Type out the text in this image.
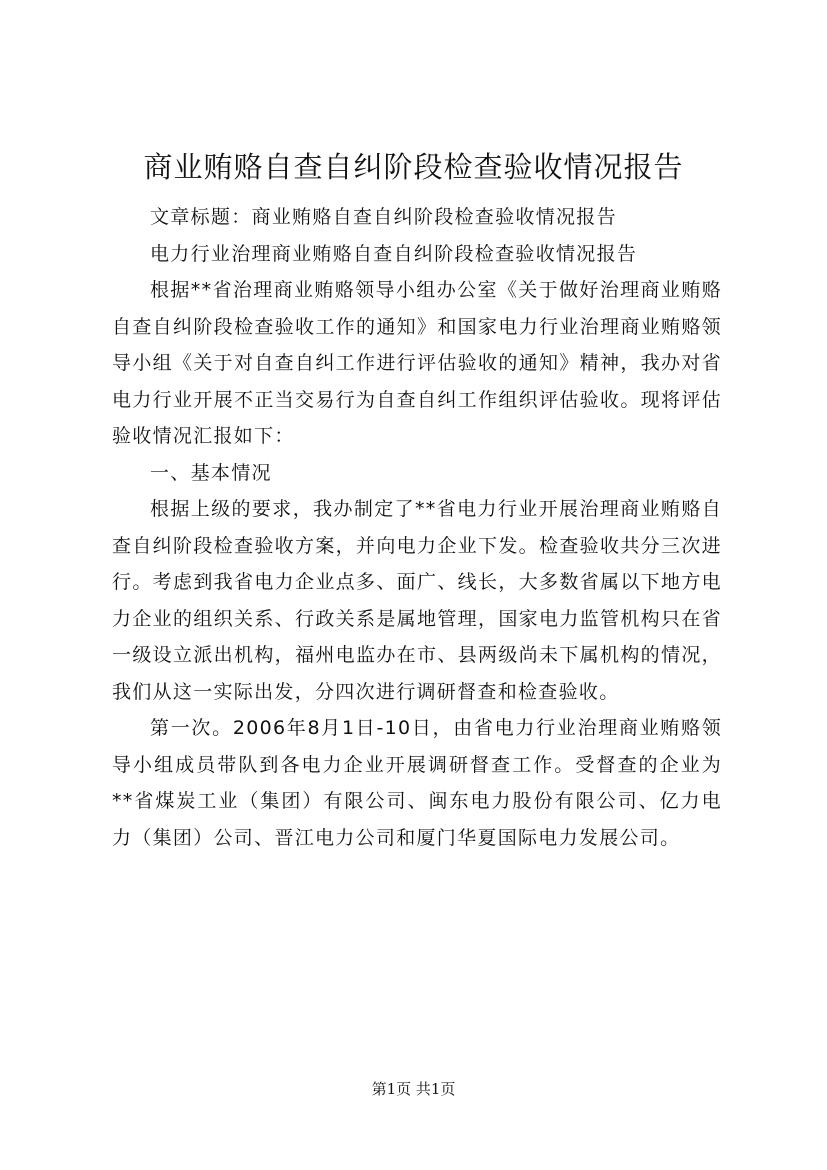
商业贿赂自查自纠阶段检查验收情况报告

文章标题：商业贿赂自查自纠阶段检查验收情况报告

电力行业治理商业贿赂自查自纠阶段检查验收情况报告

根据**省治理商业贿赂领导小组办公室《关于做好治理商业贿赂自查自纠阶段检查验收工作的通知》和国家电力行业治理商业贿赂领导小组《关于对自查自纠工作进行评估验收的通知》精神，我办对省电力行业开展不正当交易行为自查自纠工作组织评估验收。现将评估验收情况汇报如下：

一、基本情况

根据上级的要求，我办制定了**省电力行业开展治理商业贿赂自查自纠阶段检查验收方案，并向电力企业下发。检查验收共分三次进行。考虑到我省电力企业点多、面广、线长，大多数省属以下地方电力企业的组织关系、行政关系是属地管理，国家电力监管机构只在省一级设立派出机构，福州电监办在市、县两级尚未下属机构的情况，我们从这一实际出发，分四次进行调研督查和检查验收。

第一次。2006年8月1日-10日，由省电力行业治理商业贿赂领导小组成员带队到各电力企业开展调研督查工作。受督查的企业为**省煤炭工业（集团）有限公司、闽东电力股份有限公司、亿力电力（集团）公司、晋江电力公司和厦门华夏国际电力发展公司。

第1页 共1页
